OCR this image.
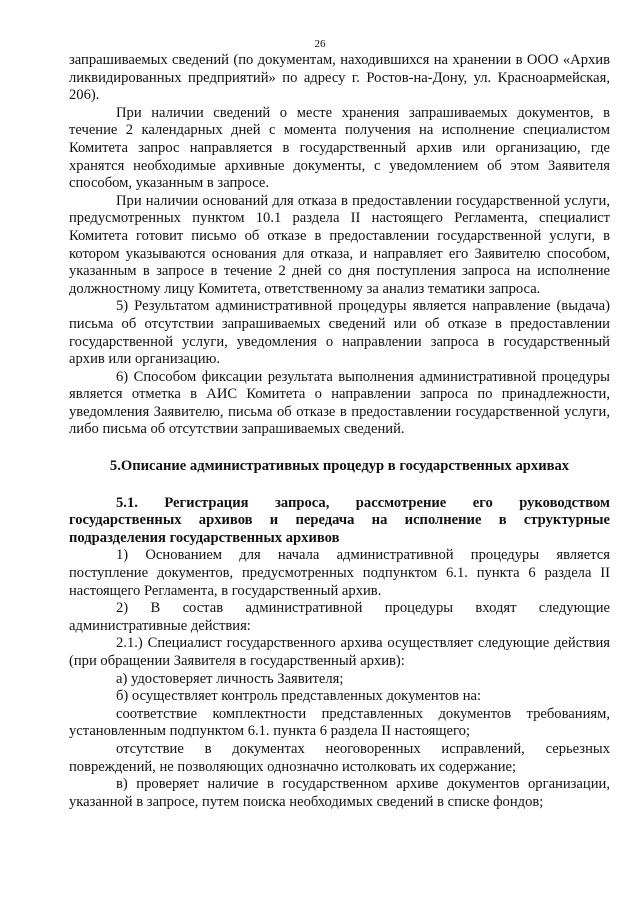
26

запрашиваемых сведений (по документам, находившихся на хранении в ООО «Архив ликвидированных предприятий» по адресу г. Ростов-на-Дону, ул. Красноармейская, 206).

При наличии сведений о месте хранения запрашиваемых документов, в течение 2 календарных дней с момента получения на исполнение специалистом Комитета запрос направляется в государственный архив или организацию, где хранятся необходимые архивные документы, с уведомлением об этом Заявителя способом, указанным в запросе.

При наличии оснований для отказа в предоставлении государственной услуги, предусмотренных пунктом 10.1 раздела II настоящего Регламента, специалист Комитета готовит письмо об отказе в предоставлении государственной услуги, в котором указываются основания для отказа, и направляет его Заявителю способом, указанным в запросе в течение 2 дней со дня поступления запроса на исполнение должностному лицу Комитета, ответственному за анализ тематики запроса.

5) Результатом административной процедуры является направление (выдача) письма об отсутствии запрашиваемых сведений или об отказе в предоставлении государственной услуги, уведомления о направлении запроса в государственный архив или организацию.

6) Способом фиксации результата выполнения административной процедуры является отметка в АИС Комитета о направлении запроса по принадлежности, уведомления Заявителю, письма об отказе в предоставлении государственной услуги, либо письма об отсутствии запрашиваемых сведений.

5.Описание административных процедур в государственных архивах

5.1. Регистрация запроса, рассмотрение его руководством государственных архивов и передача на исполнение в структурные подразделения государственных архивов

1) Основанием для начала административной процедуры является поступление документов, предусмотренных подпунктом 6.1. пункта 6 раздела II настоящего Регламента, в государственный архив.

2) В состав административной процедуры входят следующие административные действия:

2.1.) Специалист государственного архива осуществляет следующие действия (при обращении Заявителя в государственный архив):

а) удостоверяет личность Заявителя;

б) осуществляет контроль представленных документов на:

соответствие комплектности представленных документов требованиям, установленным подпунктом 6.1. пункта 6 раздела II настоящего;

отсутствие в документах неоговоренных исправлений, серьезных повреждений, не позволяющих однозначно истолковать их содержание;

в) проверяет наличие в государственном архиве документов организации, указанной в запросе, путем поиска необходимых сведений в списке фондов;
